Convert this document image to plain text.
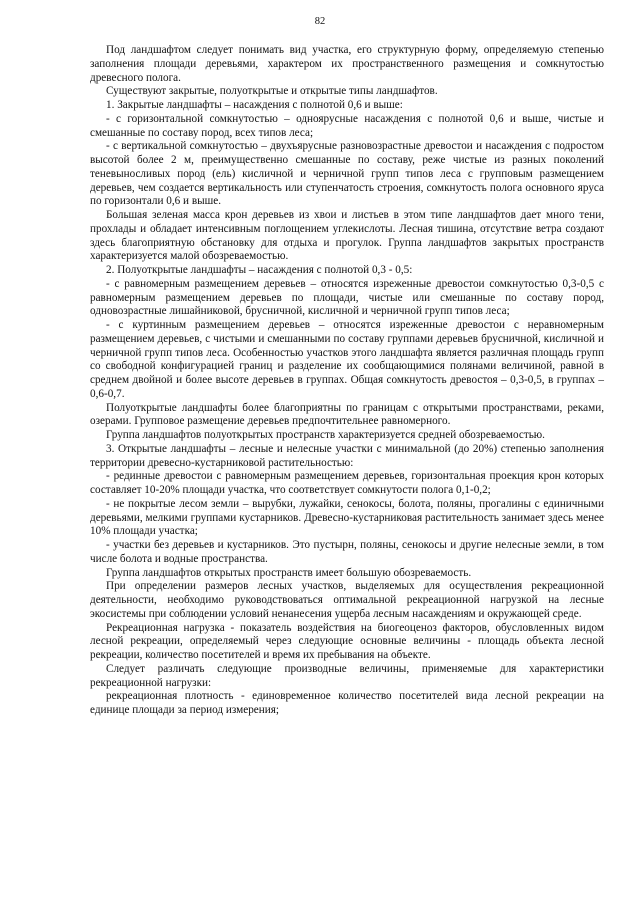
82

Под ландшафтом следует понимать вид участка, его структурную форму, определяемую степенью заполнения площади деревьями, характером их пространственного размещения и сомкнутостью древесного полога.

Существуют закрытые, полуоткрытые и открытые типы ландшафтов.

1. Закрытые ландшафты – насаждения с полнотой 0,6 и выше:

- с горизонтальной сомкнутостью – одноярусные насаждения с полнотой 0,6 и выше, чистые и смешанные по составу пород, всех типов леса;

- с вертикальной сомкнутостью – двухъярусные разновозрастные древостои и насаждения с подростом высотой более 2 м, преимущественно смешанные по составу, реже чистые из разных поколений теневыносливых пород (ель) кисличной и черничной групп типов леса с групповым размещением деревьев, чем создается вертикальность или ступенчатость строения, сомкнутость полога основного яруса по горизонтали 0,6 и выше.

Большая зеленая масса крон деревьев из хвои и листьев в этом типе ландшафтов дает много тени, прохлады и обладает интенсивным поглощением углекислоты. Лесная тишина, отсутствие ветра создают здесь благоприятную обстановку для отдыха и прогулок. Группа ландшафтов закрытых пространств характеризуется малой обозреваемостью.

2. Полуоткрытые ландшафты – насаждения с полнотой 0,3 - 0,5:

- с равномерным размещением деревьев – относятся изреженные древостои сомкнутостью 0,3-0,5 с равномерным размещением деревьев по площади, чистые или смешанные по составу пород, одновозрастные лишайниковой, брусничной, кисличной и черничной групп типов леса;

- с куртинным размещением деревьев – относятся изреженные древостои с неравномерным размещением деревьев, с чистыми и смешанными по составу группами деревьев брусничной, кисличной и черничной групп типов леса. Особенностью участков этого ландшафта является различная площадь групп со свободной конфигурацией границ и разделение их сообщающимися полянами величиной, равной в среднем двойной и более высоте деревьев в группах. Общая сомкнутость древостоя – 0,3-0,5, в группах – 0,6-0,7.

Полуоткрытые ландшафты более благоприятны по границам с открытыми пространствами, реками, озерами. Групповое размещение деревьев предпочтительнее равномерного.

Группа ландшафтов полуоткрытых пространств характеризуется средней обозреваемостью.

3. Открытые ландшафты – лесные и нелесные участки с минимальной (до 20%) степенью заполнения территории древесно-кустарниковой растительностью:

- рединные древостои с равномерным размещением деревьев, горизонтальная проекция крон которых составляет 10-20% площади участка, что соответствует сомкнутости полога 0,1-0,2;

- не покрытые лесом земли – вырубки, лужайки, сенокосы, болота, поляны, прогалины с единичными деревьями, мелкими группами кустарников. Древесно-кустарниковая растительность занимает здесь менее 10% площади участка;

- участки без деревьев и кустарников. Это пустырн, поляны, сенокосы и другие нелесные земли, в том числе болота и водные пространства.

Группа ландшафтов открытых пространств имеет большую обозреваемость.

При определении размеров лесных участков, выделяемых для осуществления рекреационной деятельности, необходимо руководствоваться оптимальной рекреационной нагрузкой на лесные экосистемы при соблюдении условий ненанесения ущерба лесным насаждениям и окружающей среде.

Рекреационная нагрузка - показатель воздействия на биогеоценоз факторов, обусловленных видом лесной рекреации, определяемый через следующие основные величины - площадь объекта лесной рекреации, количество посетителей и время их пребывания на объекте.

Следует различать следующие производные величины, применяемые для характеристики рекреационной нагрузки:

рекреационная плотность - единовременное количество посетителей вида лесной рекреации на единице площади за период измерения;
